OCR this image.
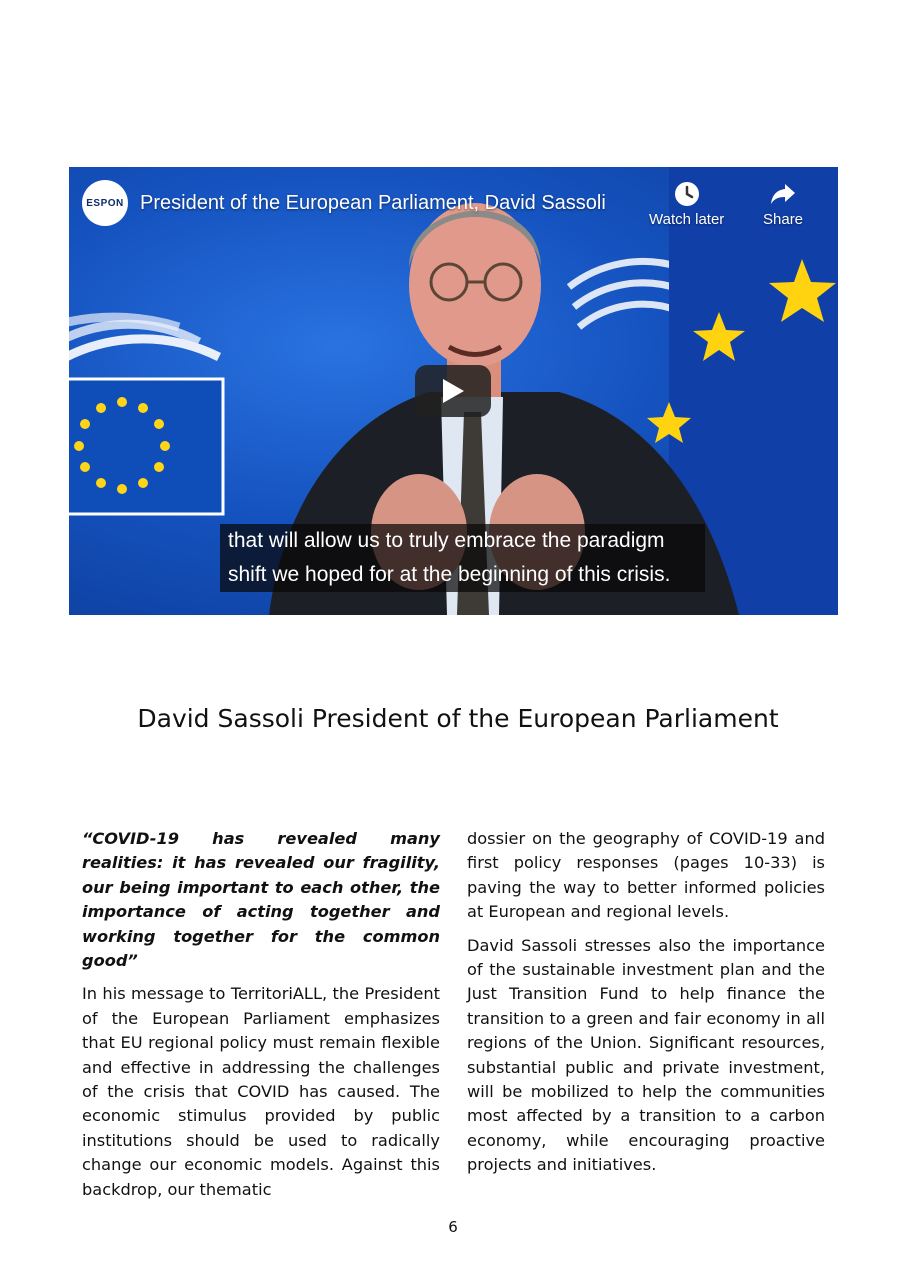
ESPON President of the European Parliament, David Sassoli
Watch later	Share
that will allow us to truly embrace the paradigm
shift we hoped for at the beginning of this crisis.
David Sassoli President of the European Parliament

“COVID-19 has revealed many realities: it has revealed our fragility, our being important to each other, the importance of acting together and working together for the common good”

In his message to TerritoriALL, the President of the European Parliament emphasizes that EU regional policy must remain flexible and effective in addressing the challenges of the crisis that COVID has caused. The economic stimulus provided by public institutions should be used to radically change our economic models. Against this backdrop, our thematic

dossier on the geography of COVID-19 and first policy responses (pages 10-33) is paving the way to better informed policies at European and regional levels.

David Sassoli stresses also the importance of the sustainable investment plan and the Just Transition Fund to help finance the transition to a green and fair economy in all regions of the Union. Significant resources, substantial public and private investment, will be mobilized to help the communities most affected by a transition to a carbon economy, while encouraging proactive projects and initiatives.

6
